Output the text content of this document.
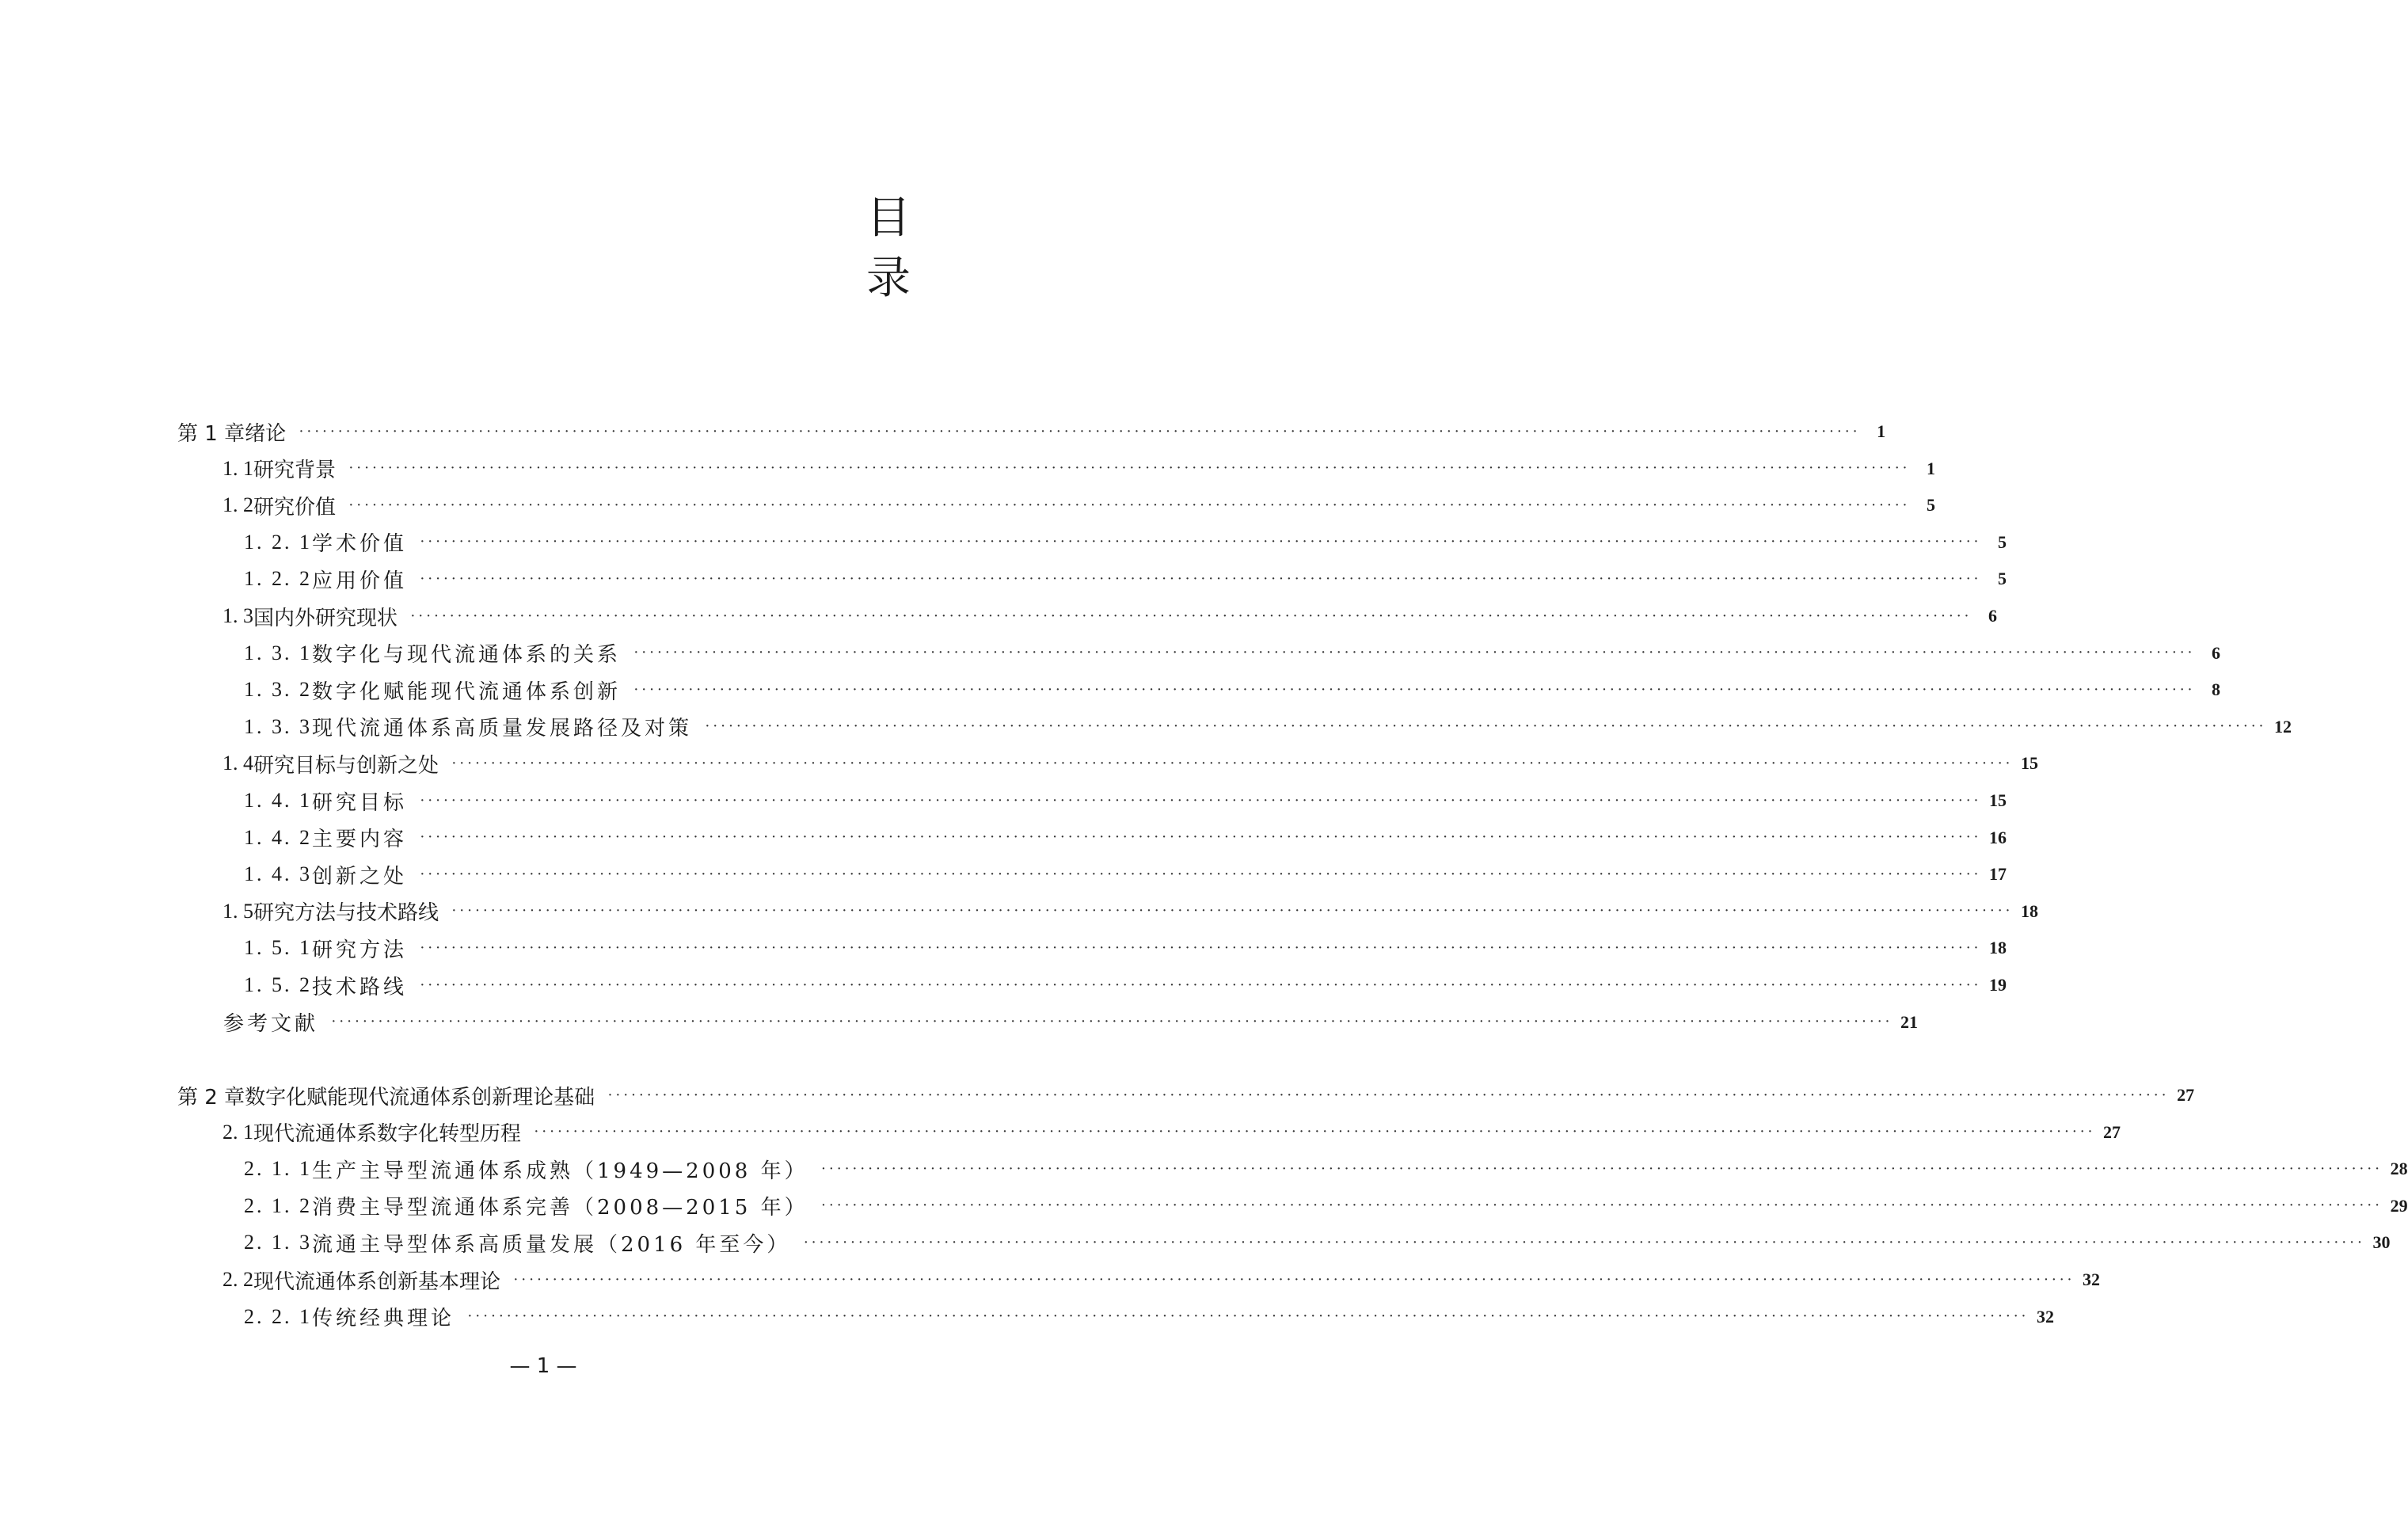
目
录
第 1 章 绪论 ········································································································································································································ 1
1. 1 研究背景 ········································································································································································································ 1
1. 2 研究价值 ········································································································································································································ 5
1. 2. 1 学术价值 ········································································································································································································ 5
1. 2. 2 应用价值 ········································································································································································································ 5
1. 3 国内外研究现状 ········································································································································································································ 6
1. 3. 1 数字化与现代流通体系的关系 ········································································································································································································ 6
1. 3. 2 数字化赋能现代流通体系创新 ········································································································································································································ 8
1. 3. 3 现代流通体系高质量发展路径及对策 ········································································································································································································ 12
1. 4 研究目标与创新之处 ········································································································································································································ 15
1. 4. 1 研究目标 ········································································································································································································ 15
1. 4. 2 主要内容 ········································································································································································································ 16
1. 4. 3 创新之处 ········································································································································································································ 17
1. 5 研究方法与技术路线 ········································································································································································································ 18
1. 5. 1 研究方法 ········································································································································································································ 18
1. 5. 2 技术路线 ········································································································································································································ 19
参考文献 ········································································································································································································ 21
第 2 章 数字化赋能现代流通体系创新理论基础 ········································································································································································································ 27
2. 1 现代流通体系数字化转型历程 ········································································································································································································ 27
2. 1. 1 生产主导型流通体系成熟（1949—2008 年） ········································································································································································································ 28
2. 1. 2 消费主导型流通体系完善（2008—2015 年） ········································································································································································································ 29
2. 1. 3 流通主导型体系高质量发展（2016 年至今） ········································································································································································································ 30
2. 2 现代流通体系创新基本理论 ········································································································································································································ 32
2. 2. 1 传统经典理论 ········································································································································································································ 32
— 1 —
